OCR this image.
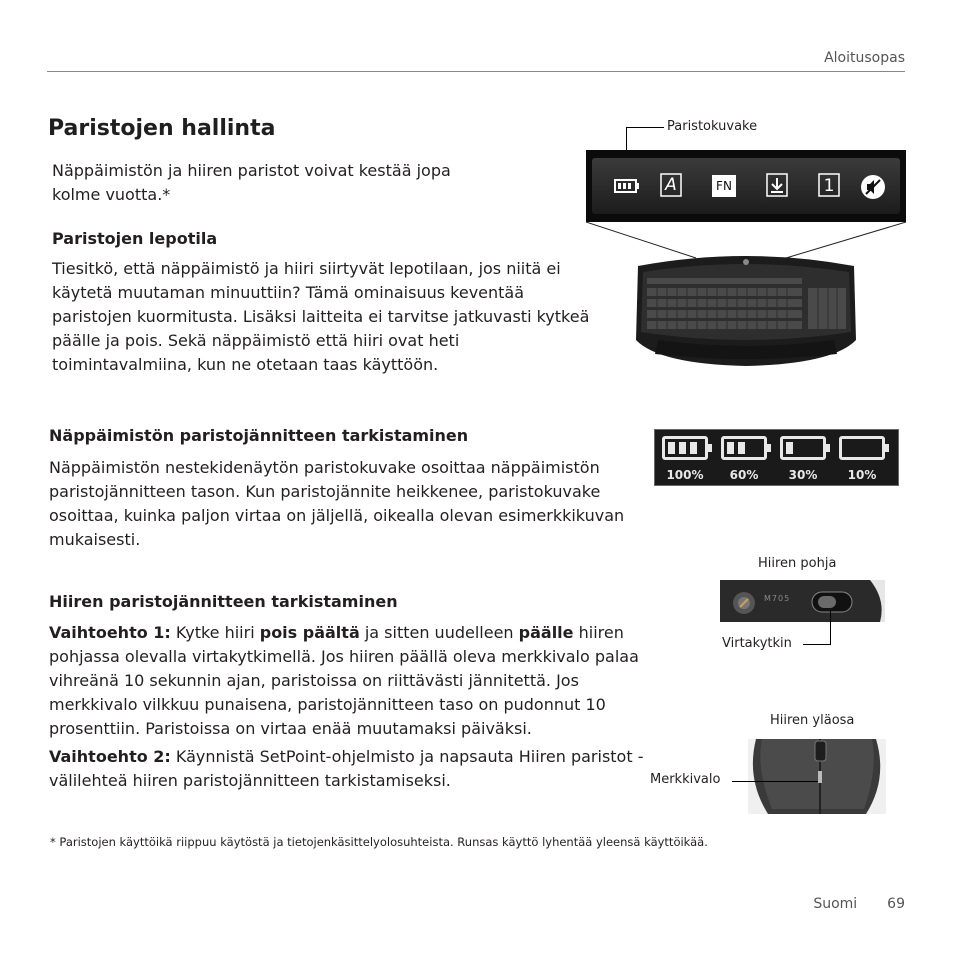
Aloitusopas
Paristojen hallinta
Näppäimistön ja hiiren paristot voivat kestää jopa kolme vuotta.*
Paristojen lepotila
Tiesitkö, että näppäimistö ja hiiri siirtyvät lepotilaan, jos niitä ei käytetä muutaman minuuttiin? Tämä ominaisuus keventää paristojen kuormitusta. Lisäksi laitteita ei tarvitse jatkuvasti kytkeä päälle ja pois. Sekä näppäimistö että hiiri ovat heti toimintavalmiina, kun ne otetaan taas käyttöön.
Näppäimistön paristojännitteen tarkistaminen
Näppäimistön nestekidenäytön paristokuvake osoittaa näppäimistön paristojännitteen tason. Kun paristojännite heikkenee, paristokuvake osoittaa, kuinka paljon virtaa on jäljellä, oikealla olevan esimerkkikuvan mukaisesti.
Hiiren paristojännitteen tarkistaminen
Vaihtoehto 1: Kytke hiiri pois päältä ja sitten uudelleen päälle hiiren pohjassa olevalla virtakytkimellä. Jos hiiren päällä oleva merkkivalo palaa vihreänä 10 sekunnin ajan, paristoissa on riittävästi jännitettä. Jos merkkivalo vilkkuu punaisena, paristojännitteen taso on pudonnut 10 prosenttiin. Paristoissa on virtaa enää muutamaksi päiväksi.
Vaihtoehto 2: Käynnistä SetPoint-ohjelmisto ja napsauta Hiiren paristot -välilehteä hiiren paristojännitteen tarkistamiseksi.
* Paristojen käyttöikä riippuu käytöstä ja tietojenkäsittelyolosuhteista. Runsas käyttö lyhentää yleensä käyttöikää.
Suomi 69
Paristokuvake
A	FN	1
100%	60%	30%	10%
Hiiren pohja
M705
Virtakytkin
Hiiren yläosa
Merkkivalo
